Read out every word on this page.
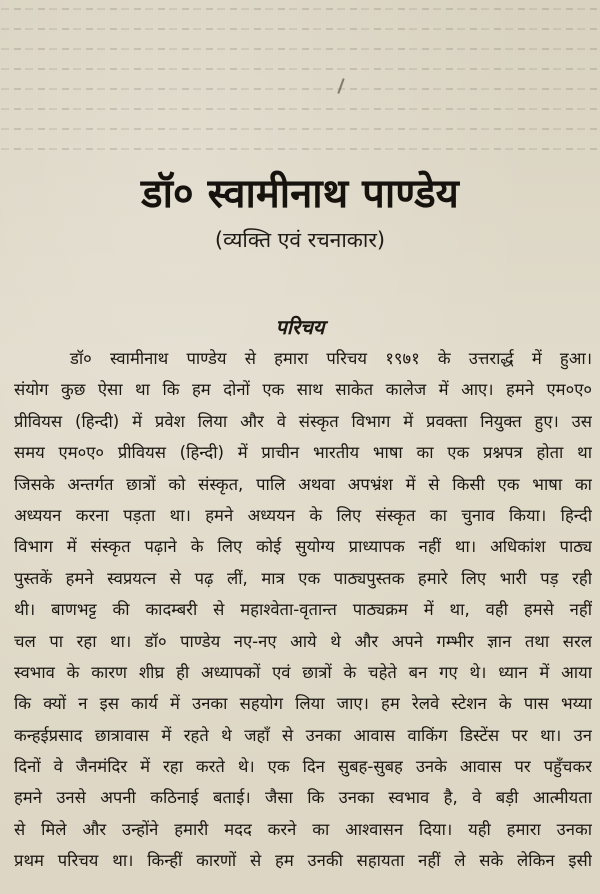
डॉ० स्वामीनाथ पाण्डेय
(व्यक्ति एवं रचनाकार)
परिचय
डॉ० स्वामीनाथ पाण्डेय से हमारा परिचय १९७१ के उत्तरार्द्ध में हुआ।
संयोग कुछ ऐसा था कि हम दोनों एक साथ साकेत कालेज में आए। हमने एम०ए०
प्रीवियस (हिन्दी) में प्रवेश लिया और वे संस्कृत विभाग में प्रवक्ता नियुक्त हुए। उस
समय एम०ए० प्रीवियस (हिन्दी) में प्राचीन भारतीय भाषा का एक प्रश्नपत्र होता था
जिसके अन्तर्गत छात्रों को संस्कृत, पालि अथवा अपभ्रंश में से किसी एक भाषा का
अध्ययन करना पड़ता था। हमने अध्ययन के लिए संस्कृत का चुनाव किया। हिन्दी
विभाग में संस्कृत पढ़ाने के लिए कोई सुयोग्य प्राध्यापक नहीं था। अधिकांश पाठ्य
पुस्तकें हमने स्वप्रयत्न से पढ़ लीं, मात्र एक पाठ्यपुस्तक हमारे लिए भारी पड़ रही
थी। बाणभट्ट की कादम्बरी से महाश्वेता-वृतान्त पाठ्यक्रम में था, वही हमसे नहीं
चल पा रहा था। डॉ० पाण्डेय नए-नए आये थे और अपने गम्भीर ज्ञान तथा सरल
स्वभाव के कारण शीघ्र ही अध्यापकों एवं छात्रों के चहेते बन गए थे। ध्यान में आया
कि क्यों न इस कार्य में उनका सहयोग लिया जाए। हम रेलवे स्टेशन के पास भय्या
कन्हईप्रसाद छात्रावास में रहते थे जहाँ से उनका आवास वाकिंग डिस्टेंस पर था। उन
दिनों वे जैनमंदिर में रहा करते थे। एक दिन सुबह-सुबह उनके आवास पर पहुँचकर
हमने उनसे अपनी कठिनाई बताई। जैसा कि उनका स्वभाव है, वे बड़ी आत्मीयता
से मिले और उन्होंने हमारी मदद करने का आश्वासन दिया। यही हमारा उनका
प्रथम परिचय था। किन्हीं कारणों से हम उनकी सहायता नहीं ले सके लेकिन इसी
